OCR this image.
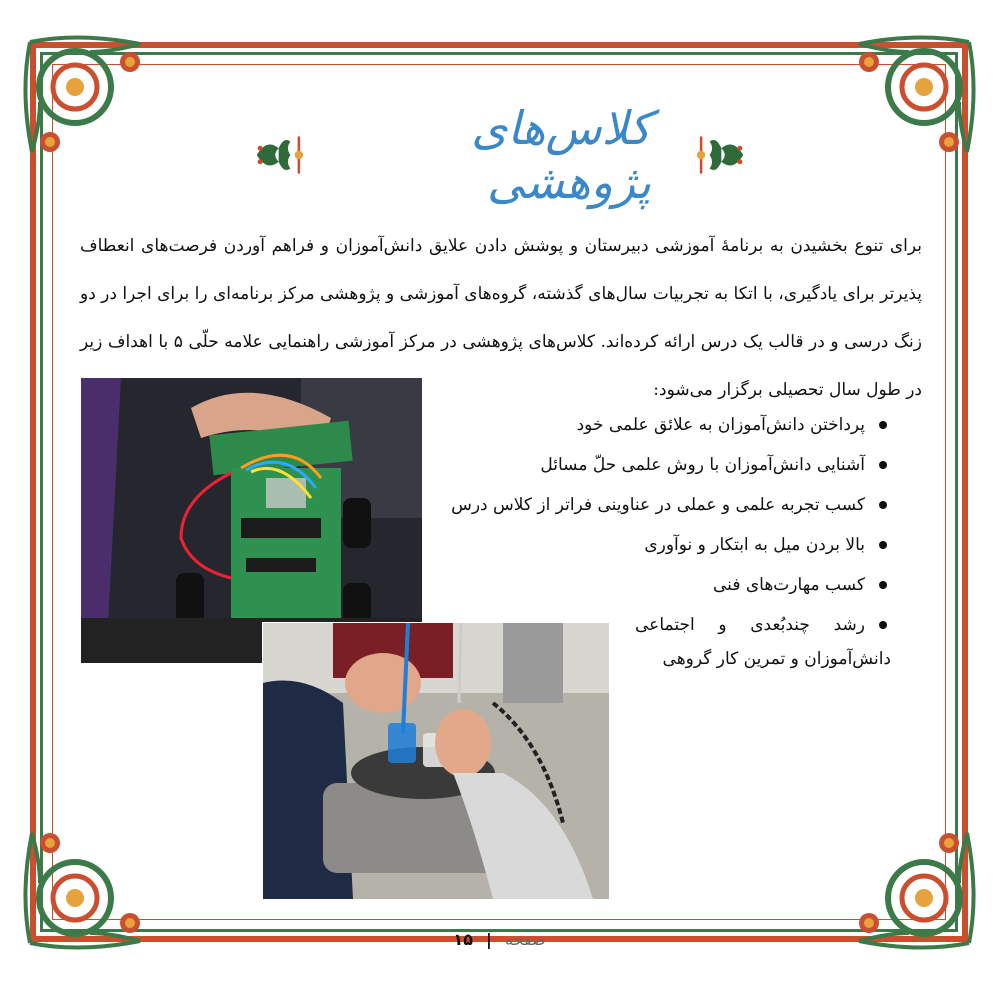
کلاس‌های پژوهشی
برای تنوع بخشیدن به برنامهٔ آموزشی دبیرستان و پوشش دادن علایق دانش‌آموزان و فراهم آوردن فرصت‌های انعطاف پذیرتر برای یادگیری، با اتکا به تجربیات سال‌های گذشته، گروه‌های آموزشی و پژوهشی مرکز برنامه‌ای را برای اجرا در دو زنگ درسی و در قالب یک درس ارائه کرده‌اند. کلاس‌های پژوهشی در مرکز آموزشی راهنمایی علامه حلّی ۵ با اهداف زیر در طول سال تحصیلی برگزار می‌شود:
پرداختن دانش‌آموزان به علائق علمی خود
آشنایی دانش‌آموزان با روش علمی حلّ مسائل
کسب تجربه علمی و عملی در عناوینی فراتر از کلاس درس
بالا بردن میل به ابتکار و نوآوری
کسب مهارت‌های فنی
رشد چندبُعدی و اجتماعی
دانش‌آموزان و تمرین کار گروهی
صفحه | ۱۵
